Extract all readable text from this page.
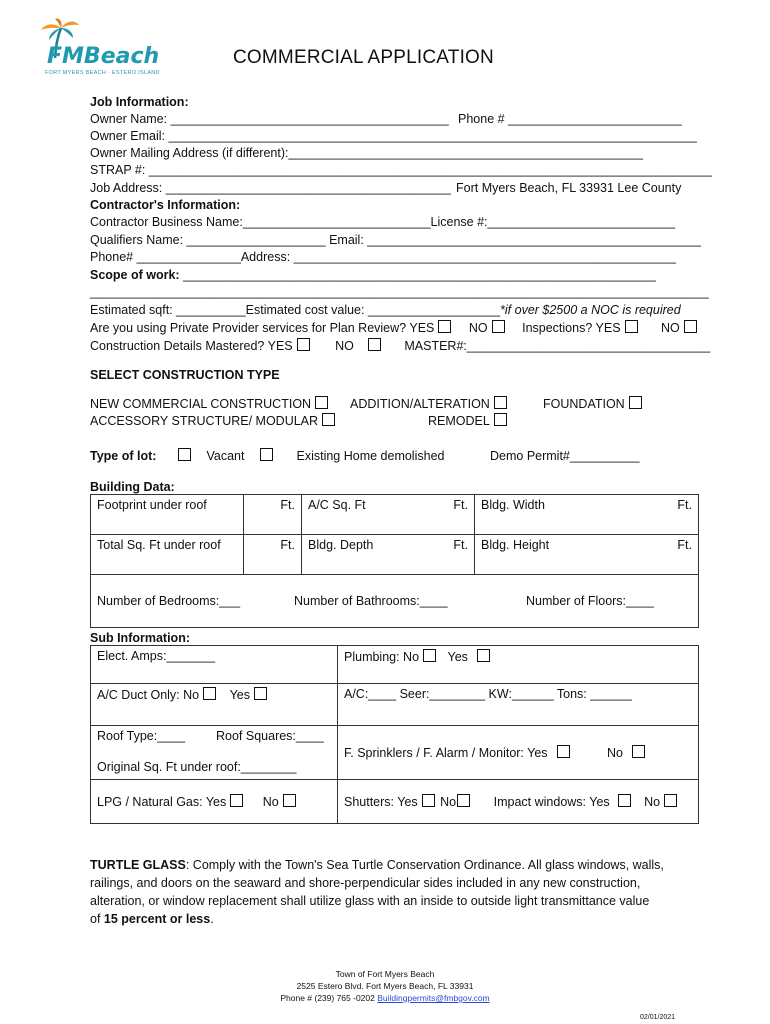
FMBeach
FORT MYERS BEACH · ESTERO ISLAND
COMMERCIAL APPLICATION
Job Information:
Owner Name: ________________________________________ Phone # _________________________
Owner Email: ____________________________________________________________________________
Owner Mailing Address (if different):___________________________________________________
STRAP #: _________________________________________________________________________________
Job Address: _________________________________________ Fort Myers Beach, FL 33931 Lee County
Contractor's Information:
Contractor Business Name:___________________________License #:___________________________
Qualifiers Name: ____________________ Email: ________________________________________________
Phone# _______________Address: _______________________________________________________
Scope of work: ____________________________________________________________________
_________________________________________________________________________________________
Estimated sqft: __________Estimated cost value: ___________________*if over $2500 a NOC is required
Are you using Private Provider services for Plan Review? YES	NO	Inspections? YES	NO
Construction Details Mastered? YES	NO	MASTER#:___________________________________
SELECT CONSTRUCTION TYPE
NEW COMMERCIAL CONSTRUCTION
ACCESSORY STRUCTURE/ MODULAR
ADDITION/ALTERATION
REMODEL
FOUNDATION
Type of lot:	Vacant	Existing Home demolished	Demo Permit#__________
Building Data:
Footprint under roof	Ft.	A/C Sq. Ft Ft.	Bldg. Width Ft.

Total Sq. Ft under roof	Ft.	Bldg. Depth Ft.	Bldg. Height Ft.

Number of Bedrooms:___ Number of Bathrooms:____ Number of Floors:____			
Sub Information:
Elect. Amps:_______	Plumbing: No Yes
A/C Duct Only: No Yes	A/C:____ Seer:________ KW:______ Tons: ______
Roof Type:____ Roof Squares:____
Original Sq. Ft under roof:________	F. Sprinklers / F. Alarm / Monitor: Yes No
LPG / Natural Gas: Yes No	Shutters: Yes No Impact windows: Yes No
TURTLE GLASS: Comply with the Town's Sea Turtle Conservation Ordinance. All glass windows, walls,
railings, and doors on the seaward and shore-perpendicular sides included in any new construction,
alteration, or window replacement shall utilize glass with an inside to outside light transmittance value
of 15 percent or less.
Town of Fort Myers Beach
2525 Estero Blvd. Fort Myers Beach, FL 33931
Phone # (239) 765 -0202 Buildingpermits@fmbgov.com
02/01/2021
